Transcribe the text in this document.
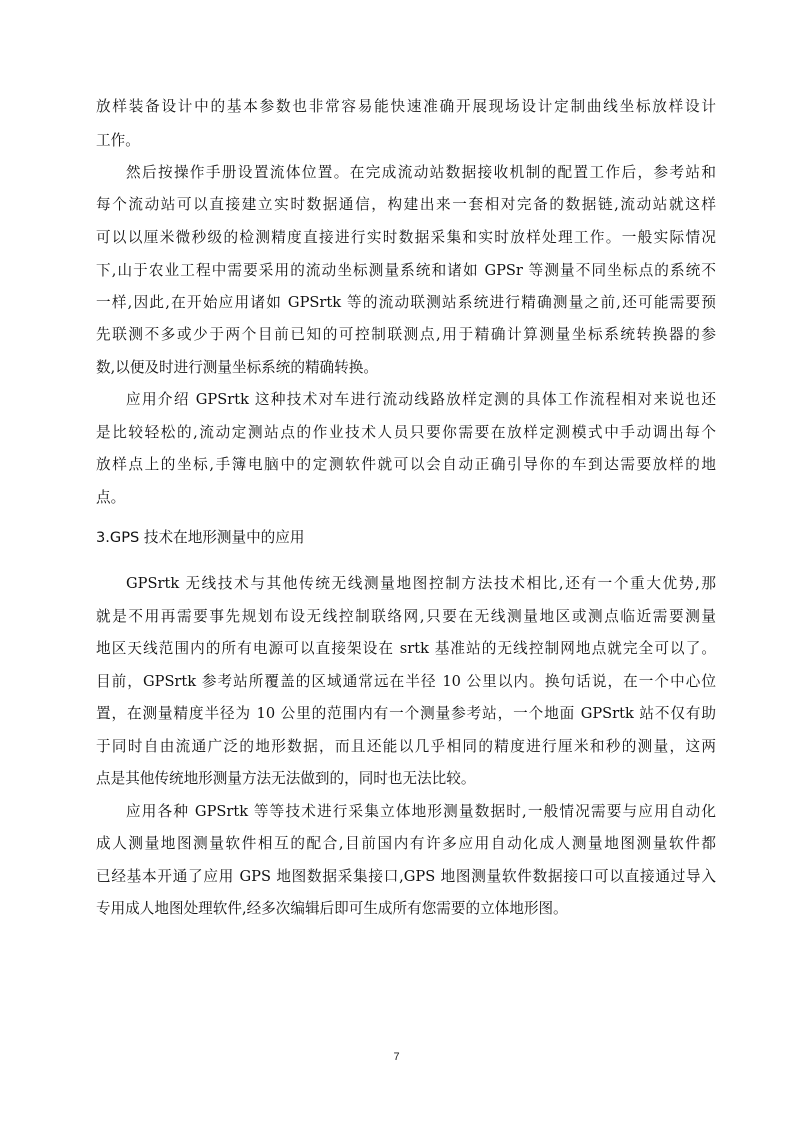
放样装备设计中的基本参数也非常容易能快速准确开展现场设计定制曲线坐标放样设计
工作。
然后按操作手册设置流体位置。在完成流动站数据接收机制的配置工作后，参考站和
每个流动站可以直接建立实时数据通信，构建出来一套相对完备的数据链,流动站就这样
可以以厘米微秒级的检测精度直接进行实时数据采集和实时放样处理工作。一般实际情况
下,山于农业工程中需要采用的流动坐标测量系统和诸如 GPSr 等测量不同坐标点的系统不
一样,因此,在开始应用诸如 GPSrtk 等的流动联测站系统进行精确测量之前,还可能需要预
先联测不多或少于两个目前已知的可控制联测点,用于精确计算测量坐标系统转换器的参
数,以便及时进行测量坐标系统的精确转换。
应用介绍 GPSrtk 这种技术对车进行流动线路放样定测的具体工作流程相对来说也还
是比较轻松的,流动定测站点的作业技术人员只要你需要在放样定测模式中手动调出每个
放样点上的坐标,手簿电脑中的定测软件就可以会自动正确引导你的车到达需要放样的地
点。
3.GPS 技术在地形测量中的应用
GPSrtk 无线技术与其他传统无线测量地图控制方法技术相比,还有一个重大优势,那
就是不用再需要事先规划布设无线控制联络网,只要在无线测量地区或测点临近需要测量
地区天线范围内的所有电源可以直接架设在 srtk 基准站的无线控制网地点就完全可以了。
目前，GPSrtk 参考站所覆盖的区域通常远在半径 10 公里以内。换句话说，在一个中心位
置，在测量精度半径为 10 公里的范围内有一个测量参考站，一个地面 GPSrtk 站不仅有助
于同时自由流通广泛的地形数据，而且还能以几乎相同的精度进行厘米和秒的测量，这两
点是其他传统地形测量方法无法做到的，同时也无法比较。
应用各种 GPSrtk 等等技术进行采集立体地形测量数据时,一般情况需要与应用自动化
成人测量地图测量软件相互的配合,目前国内有许多应用自动化成人测量地图测量软件都
已经基本开通了应用 GPS 地图数据采集接口,GPS 地图测量软件数据接口可以直接通过导入
专用成人地图处理软件,经多次编辑后即可生成所有您需要的立体地形图。
7
